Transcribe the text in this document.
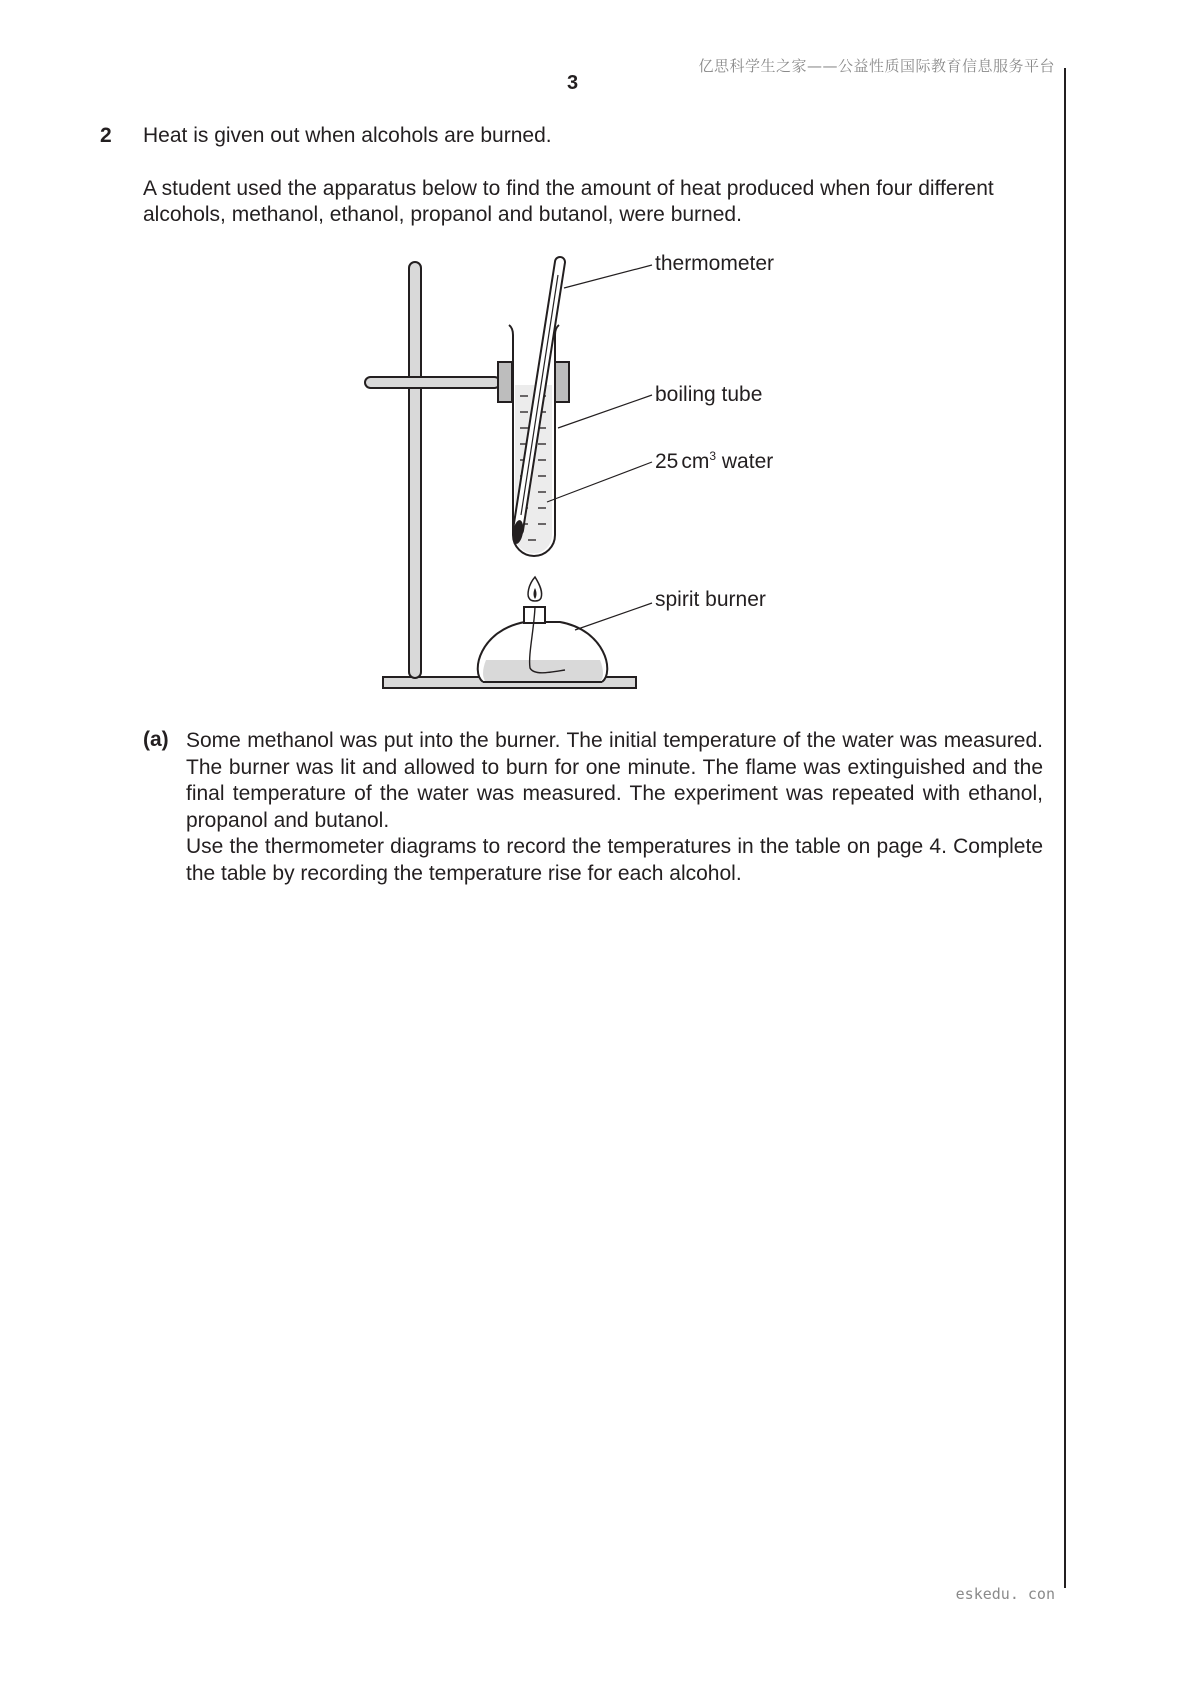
亿思科学生之家——公益性质国际教育信息服务平台
3
2 Heat is given out when alcohols are burned.

A student used the apparatus below to find the amount of heat produced when four different alcohols, methanol, ethanol, propanol and butanol, were burned.

thermometer
boiling tube
25 $cm^3$ water
spirit burner
(a) Some methanol was put into the burner. The initial temperature of the water was measured. The burner was lit and allowed to burn for one minute. The flame was extinguished and the final temperature of the water was measured. The experiment was repeated with ethanol, propanol and butanol.

Use the thermometer diagrams to record the temperatures in the table on page 4. Complete the table by recording the temperature rise for each alcohol.

eskedu. con
